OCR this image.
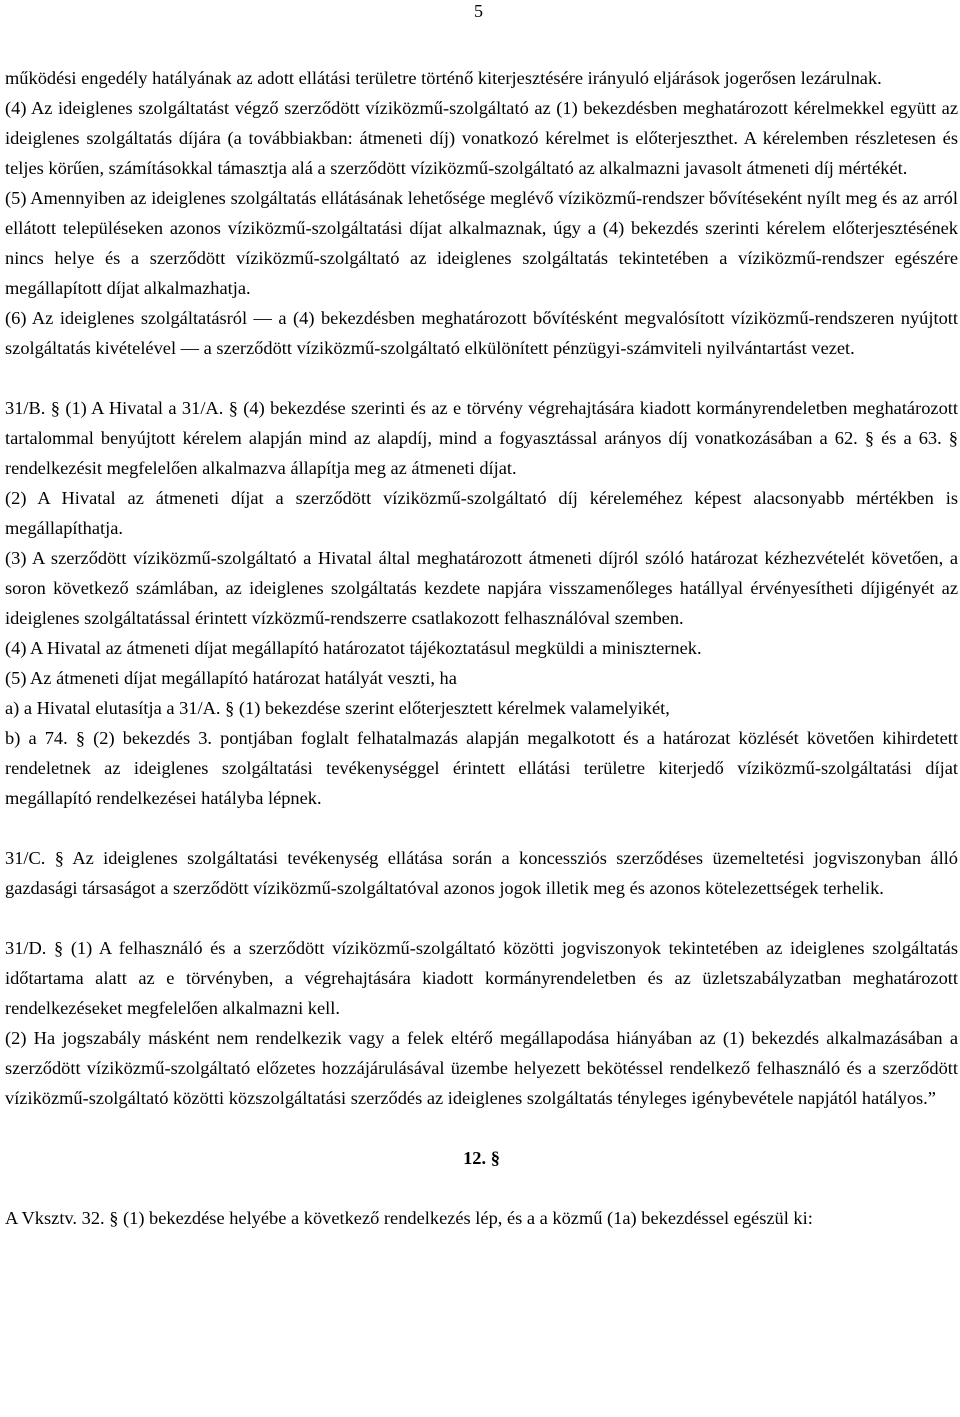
5

működési engedély hatályának az adott ellátási területre történő kiterjesztésére irányuló eljárások jogerősen lezárulnak.

(4) Az ideiglenes szolgáltatást végző szerződött víziközmű-szolgáltató az (1) bekezdésben meghatározott kérelmekkel együtt az ideiglenes szolgáltatás díjára (a továbbiakban: átmeneti díj) vonatkozó kérelmet is előterjeszthet. A kérelemben részletesen és teljes körűen, számításokkal támasztja alá a szerződött víziközmű-szolgáltató az alkalmazni javasolt átmeneti díj mértékét.

(5) Amennyiben az ideiglenes szolgáltatás ellátásának lehetősége meglévő víziközmű-rendszer bővítéseként nyílt meg és az arról ellátott településeken azonos víziközmű-szolgáltatási díjat alkalmaznak, úgy a (4) bekezdés szerinti kérelem előterjesztésének nincs helye és a szerződött víziközmű-szolgáltató az ideiglenes szolgáltatás tekintetében a víziközmű-rendszer egészére megállapított díjat alkalmazhatja.

(6) Az ideiglenes szolgáltatásról ― a (4) bekezdésben meghatározott bővítésként megvalósított víziközmű-rendszeren nyújtott szolgáltatás kivételével ― a szerződött víziközmű-szolgáltató elkülönített pénzügyi-számviteli nyilvántartást vezet.

31/B. § (1) A Hivatal a 31/A. § (4) bekezdése szerinti és az e törvény végrehajtására kiadott kormányrendeletben meghatározott tartalommal benyújtott kérelem alapján mind az alapdíj, mind a fogyasztással arányos díj vonatkozásában a 62. § és a 63. § rendelkezésit megfelelően alkalmazva állapítja meg az átmeneti díjat.

(2) A Hivatal az átmeneti díjat a szerződött víziközmű-szolgáltató díj kéreleméhez képest alacsonyabb mértékben is megállapíthatja.

(3) A szerződött víziközmű-szolgáltató a Hivatal által meghatározott átmeneti díjról szóló határozat kézhezvételét követően, a soron következő számlában, az ideiglenes szolgáltatás kezdete napjára visszamenőleges hatállyal érvényesítheti díjigényét az ideiglenes szolgáltatással érintett vízközmű-rendszerre csatlakozott felhasználóval szemben.

(4) A Hivatal az átmeneti díjat megállapító határozatot tájékoztatásul megküldi a miniszternek.

(5) Az átmeneti díjat megállapító határozat hatályát veszti, ha

a) a Hivatal elutasítja a 31/A. § (1) bekezdése szerint előterjesztett kérelmek valamelyikét,

b) a 74. § (2) bekezdés 3. pontjában foglalt felhatalmazás alapján megalkotott és a határozat közlését követően kihirdetett rendeletnek az ideiglenes szolgáltatási tevékenységgel érintett ellátási területre kiterjedő víziközmű-szolgáltatási díjat megállapító rendelkezései hatályba lépnek.

31/C. § Az ideiglenes szolgáltatási tevékenység ellátása során a koncessziós szerződéses üzemeltetési jogviszonyban álló gazdasági társaságot a szerződött víziközmű-szolgáltatóval azonos jogok illetik meg és azonos kötelezettségek terhelik.

31/D. § (1) A felhasználó és a szerződött víziközmű-szolgáltató közötti jogviszonyok tekintetében az ideiglenes szolgáltatás időtartama alatt az e törvényben, a végrehajtására kiadott kormányrendeletben és az üzletszabályzatban meghatározott rendelkezéseket megfelelően alkalmazni kell.

(2) Ha jogszabály másként nem rendelkezik vagy a felek eltérő megállapodása hiányában az (1) bekezdés alkalmazásában a szerződött víziközmű-szolgáltató előzetes hozzájárulásával üzembe helyezett bekötéssel rendelkező felhasználó és a szerződött víziközmű-szolgáltató közötti közszolgáltatási szerződés az ideiglenes szolgáltatás tényleges igénybevétele napjától hatályos.”

12. §

A Vksztv. 32. § (1) bekezdése helyébe a következő rendelkezés lép, és a a közmű (1a) bekezdéssel egészül ki:
